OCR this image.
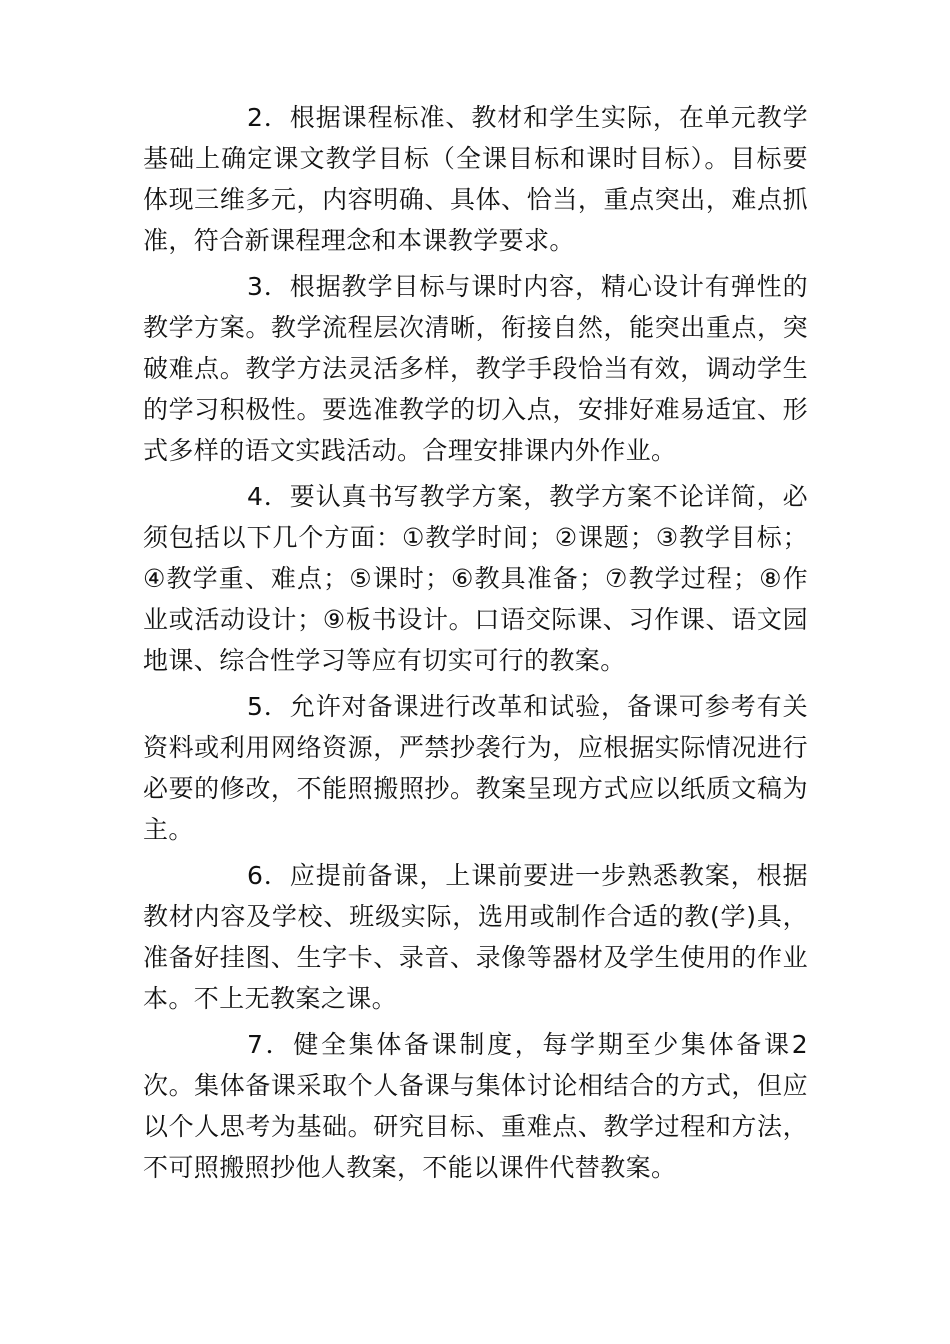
2．根据课程标准、教材和学生实际，在单元教学基础上确定课文教学目标（全课目标和课时目标）。目标要体现三维多元，内容明确、具体、恰当，重点突出，难点抓准，符合新课程理念和本课教学要求。

3．根据教学目标与课时内容，精心设计有弹性的教学方案。教学流程层次清晰，衔接自然，能突出重点，突破难点。教学方法灵活多样，教学手段恰当有效，调动学生的学习积极性。要选准教学的切入点，安排好难易适宜、形式多样的语文实践活动。合理安排课内外作业。

4．要认真书写教学方案，教学方案不论详简，必须包括以下几个方面：①教学时间；②课题；③教学目标；④教学重、难点；⑤课时；⑥教具准备；⑦教学过程；⑧作业或活动设计；⑨板书设计。口语交际课、习作课、语文园地课、综合性学习等应有切实可行的教案。

5．允许对备课进行改革和试验，备课可参考有关资料或利用网络资源，严禁抄袭行为，应根据实际情况进行必要的修改，不能照搬照抄。教案呈现方式应以纸质文稿为主。

6．应提前备课，上课前要进一步熟悉教案，根据教材内容及学校、班级实际，选用或制作合适的教(学)具，准备好挂图、生字卡、录音、录像等器材及学生使用的作业本。不上无教案之课。

7．健全集体备课制度，每学期至少集体备课2次。集体备课采取个人备课与集体讨论相结合的方式，但应以个人思考为基础。研究目标、重难点、教学过程和方法，不可照搬照抄他人教案，不能以课件代替教案。
